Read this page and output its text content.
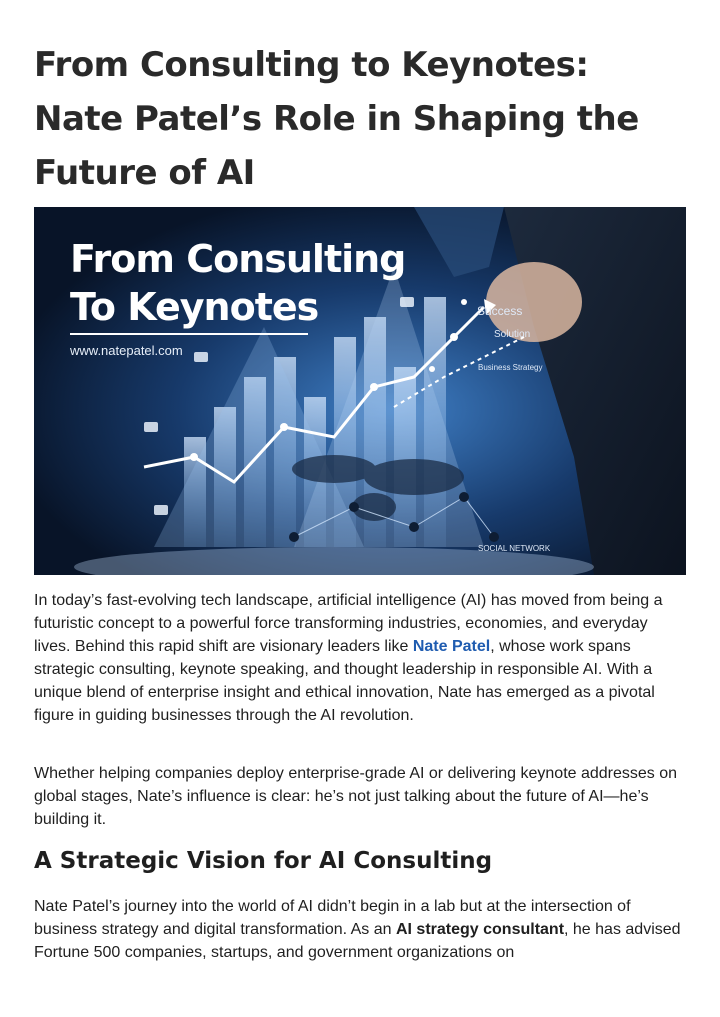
From Consulting to Keynotes: Nate Patel’s Role in Shaping the Future of AI
From Consulting
To Keynotes
www.natepatel.com
Success
Solution
Business Strategy
SOCIAL NETWORK

In today’s fast-evolving tech landscape, artificial intelligence (AI) has moved from being a futuristic concept to a powerful force transforming industries, economies, and everyday lives. Behind this rapid shift are visionary leaders like Nate Patel, whose work spans strategic consulting, keynote speaking, and thought leadership in responsible AI. With a unique blend of enterprise insight and ethical innovation, Nate has emerged as a pivotal figure in guiding businesses through the AI revolution.

Whether helping companies deploy enterprise-grade AI or delivering keynote addresses on global stages, Nate’s influence is clear: he’s not just talking about the future of AI—he’s building it.

A Strategic Vision for AI Consulting

Nate Patel’s journey into the world of AI didn’t begin in a lab but at the intersection of business strategy and digital transformation. As an AI strategy consultant, he has advised Fortune 500 companies, startups, and government organizations on
